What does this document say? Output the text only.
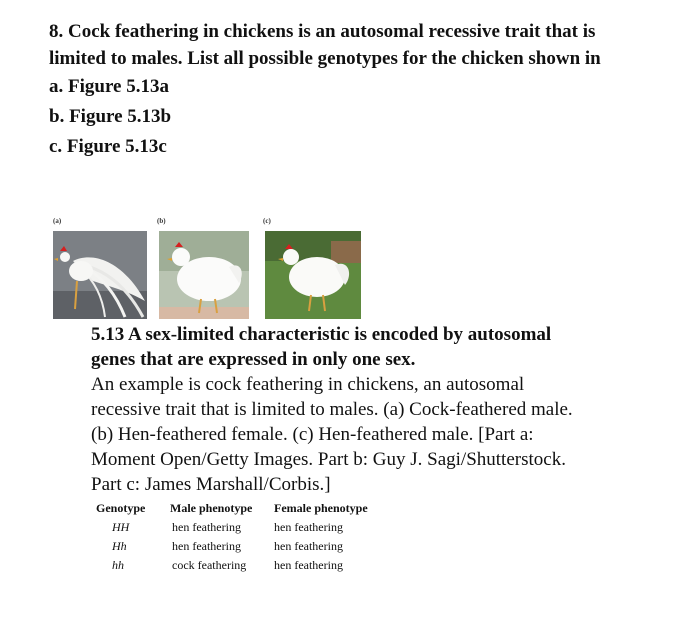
8. Cock feathering in chickens is an autosomal recessive trait that is limited to males. List all possible genotypes for the chicken shown in

a. Figure 5.13a

b. Figure 5.13b

c. Figure 5.13c

(a)	(b)	(c)

5.13 A sex-limited characteristic is encoded by autosomal genes that are expressed in only one sex.

An example is cock feathering in chickens, an autosomal recessive trait that is limited to males. (a) Cock-feathered male. (b) Hen-feathered female. (c) Hen-feathered male. [Part a: Moment Open/Getty Images. Part b: Guy J. Sagi/Shutterstock. Part c: James Marshall/Corbis.]

Genotype	Male phenotype	Female phenotype
HH	hen feathering	hen feathering
Hh	hen feathering	hen feathering
hh	cock feathering	hen feathering
